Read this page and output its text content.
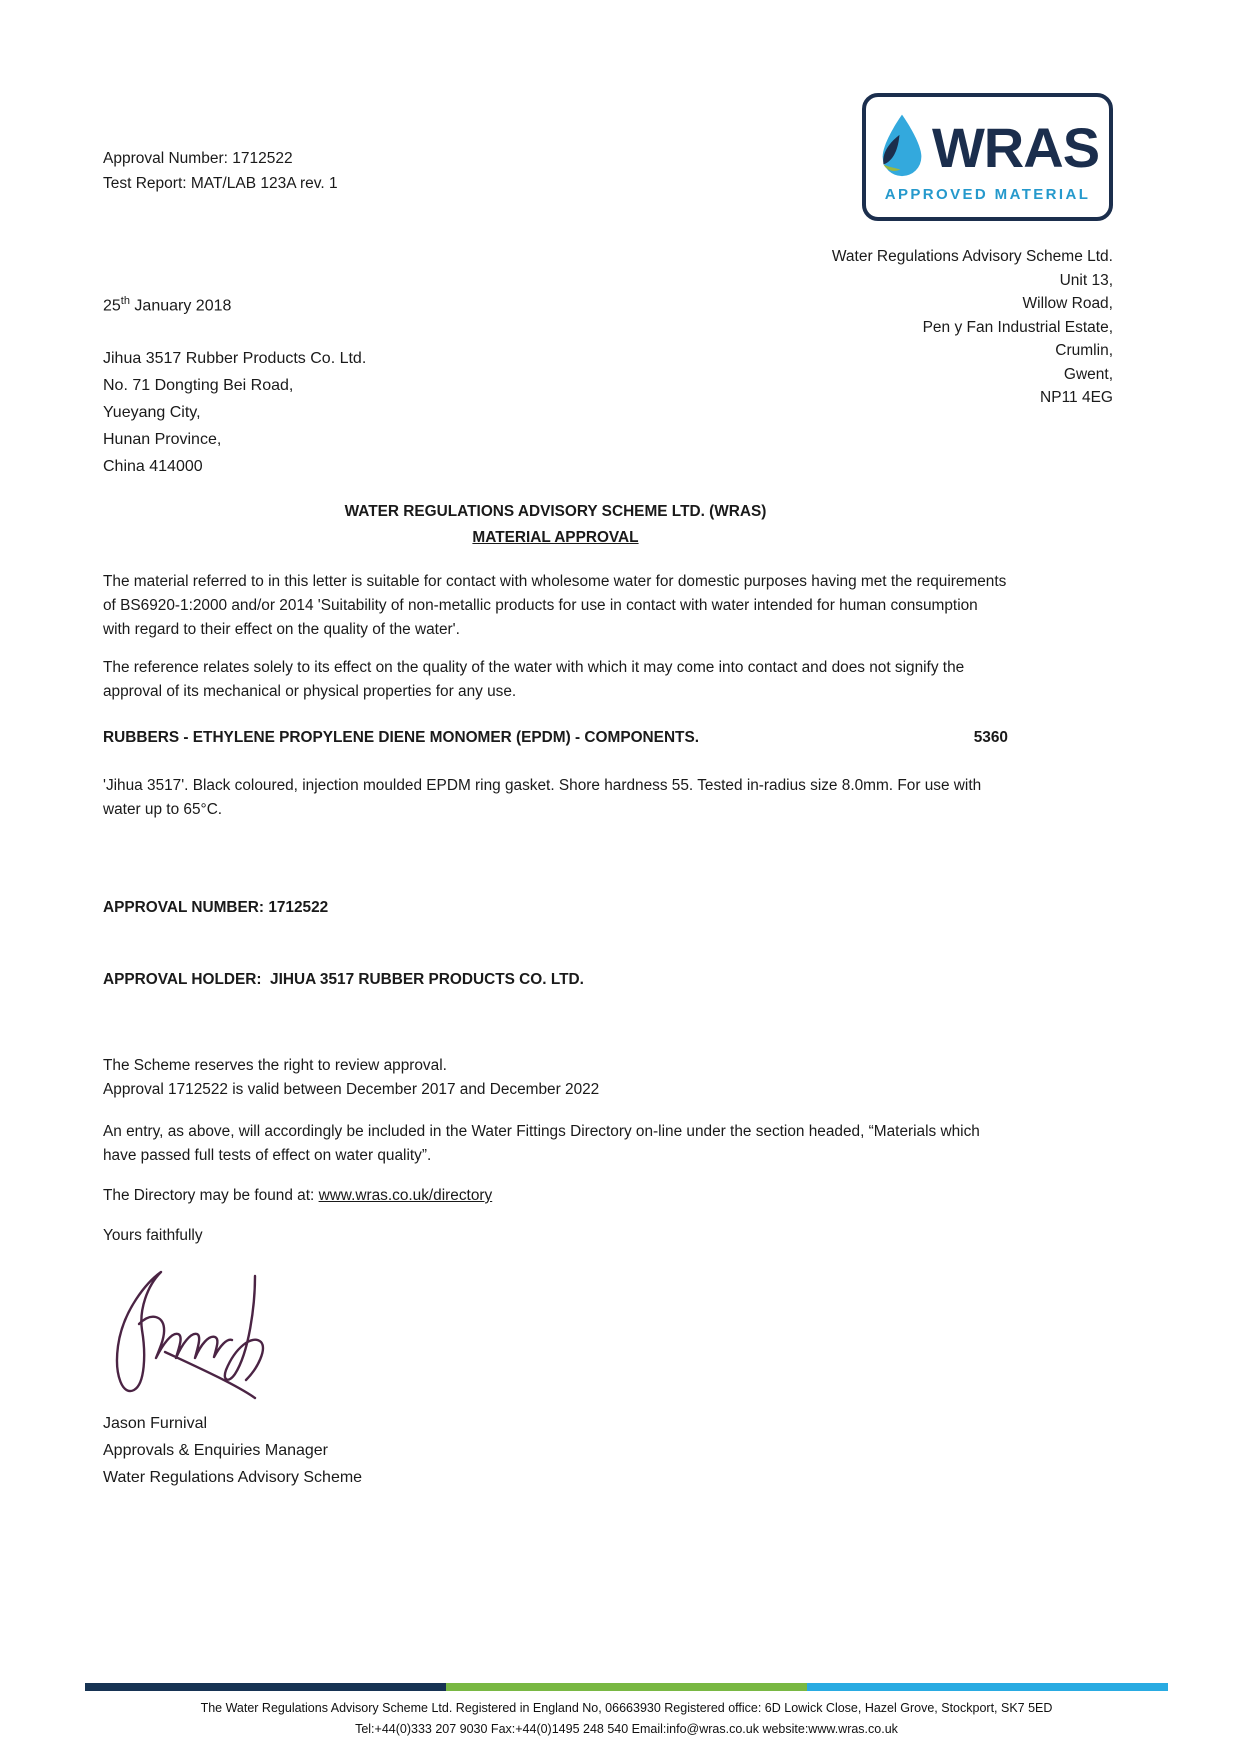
Approval Number: 1712522
Test Report: MAT/LAB 123A rev. 1
WRAS
APPROVED MATERIAL
Water Regulations Advisory Scheme Ltd.
Unit 13,
Willow Road,
Pen y Fan Industrial Estate,
Crumlin,
Gwent,
NP11 4EG
25th January 2018
Jihua 3517 Rubber Products Co. Ltd.
No. 71 Dongting Bei Road,
Yueyang City,
Hunan Province,
China 414000
WATER REGULATIONS ADVISORY SCHEME LTD. (WRAS)
MATERIAL APPROVAL

The material referred to in this letter is suitable for contact with wholesome water for domestic purposes having met the requirements of BS6920-1:2000 and/or 2014 'Suitability of non-metallic products for use in contact with water intended for human consumption with regard to their effect on the quality of the water'.

The reference relates solely to its effect on the quality of the water with which it may come into contact and does not signify the approval of its mechanical or physical properties for any use.

RUBBERS - ETHYLENE PROPYLENE DIENE MONOMER (EPDM) - COMPONENTS.	5360

'Jihua 3517'. Black coloured, injection moulded EPDM ring gasket. Shore hardness 55. Tested in-radius size 8.0mm. For use with water up to 65°C.

APPROVAL NUMBER: 1712522

APPROVAL HOLDER:  JIHUA 3517 RUBBER PRODUCTS CO. LTD.

The Scheme reserves the right to review approval.
Approval 1712522 is valid between December 2017 and December 2022

An entry, as above, will accordingly be included in the Water Fittings Directory on-line under the section headed, “Materials which have passed full tests of effect on water quality”.

The Directory may be found at: www.wras.co.uk/directory

Yours faithfully

Jason Furnival
Approvals & Enquiries Manager
Water Regulations Advisory Scheme
The Water Regulations Advisory Scheme Ltd. Registered in England No, 06663930 Registered office: 6D Lowick Close, Hazel Grove, Stockport, SK7 5ED
Tel:+44(0)333 207 9030 Fax:+44(0)1495 248 540 Email:info@wras.co.uk website:www.wras.co.uk
